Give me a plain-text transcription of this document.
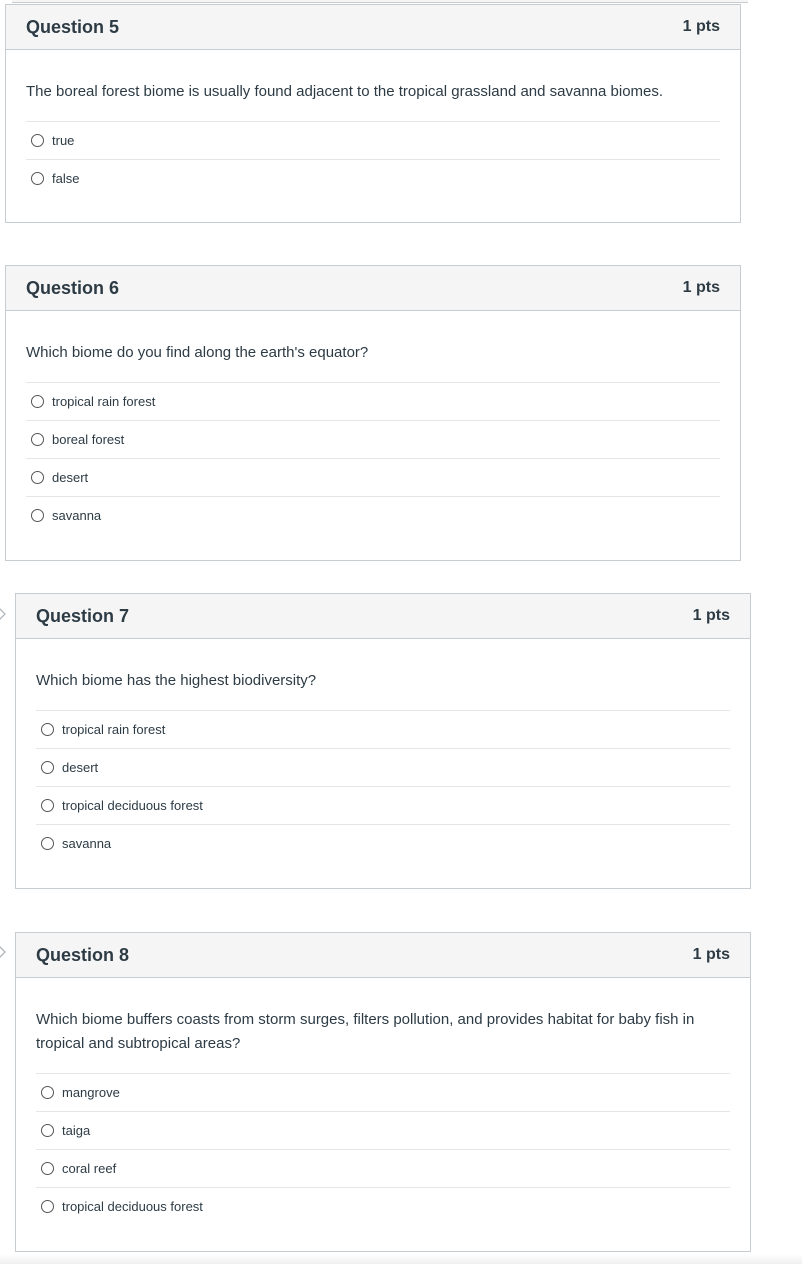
Question 5	1 pts
The boreal forest biome is usually found adjacent to the tropical grassland and savanna biomes.
true
false
Question 6	1 pts
Which biome do you find along the earth's equator?
tropical rain forest
boreal forest
desert
savanna
Question 7	1 pts
Which biome has the highest biodiversity?
tropical rain forest
desert
tropical deciduous forest
savanna
Question 8	1 pts
Which biome buffers coasts from storm surges, filters pollution, and provides habitat for baby fish in tropical and subtropical areas?
mangrove
taiga
coral reef
tropical deciduous forest
